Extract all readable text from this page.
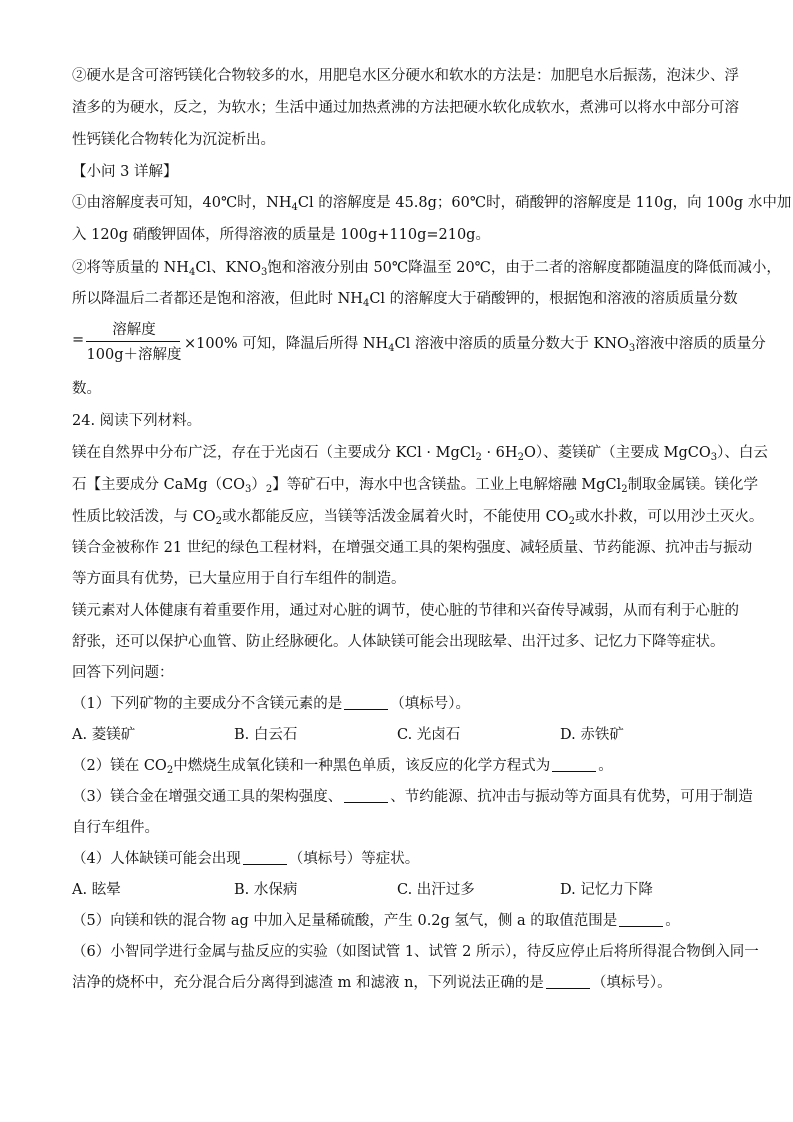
②硬水是含可溶钙镁化合物较多的水，用肥皂水区分硬水和软水的方法是：加肥皂水后振荡，泡沫少、浮
渣多的为硬水，反之，为软水；生活中通过加热煮沸的方法把硬水软化成软水，煮沸可以将水中部分可溶
性钙镁化合物转化为沉淀析出。
【小问 3 详解】
①由溶解度表可知，40℃时，$NH_4Cl$ 的溶解度是 45.8g；60℃时，硝酸钾的溶解度是 110g，向 100g 水中加
入 120g 硝酸钾固体，所得溶液的质量是 100g+110g=210g。
②将等质量的 $NH_4Cl$、$KNO_3$饱和溶液分别由 50℃降温至 20℃，由于二者的溶解度都随温度的降低而减小，
所以降温后二者都还是饱和溶液，但此时 $NH_4Cl$ 的溶解度大于硝酸钾的，根据饱和溶液的溶质质量分数
=
溶解度
100g＋溶解度
×100% 可知，降温后所得 $NH_4Cl$ 溶液中溶质的质量分数大于 $KNO_3$溶液中溶质的质量分
数。
24. 阅读下列材料。
镁在自然界中分布广泛，存在于光卤石（主要成分 KCl · MgCl$_2$ · $6H_2O$）、菱镁矿（主要成 MgCO$_3$）、白云
石【主要成分 $CaMg(CO_3)_2$】等矿石中，海水中也含镁盐。工业上电解熔融 MgCl$_2$制取金属镁。镁化学
性质比较活泼，与 $CO_2$或水都能反应，当镁等活泼金属着火时，不能使用 $CO_2$或水扑救，可以用沙土灭火。
镁合金被称作 21 世纪的绿色工程材料，在增强交通工具的架构强度、减轻质量、节药能源、抗冲击与振动
等方面具有优势，已大量应用于自行车组件的制造。
镁元素对人体健康有着重要作用，通过对心脏的调节，使心脏的节律和兴奋传导减弱，从而有利于心脏的
舒张，还可以保护心血管、防止经脉硬化。人体缺镁可能会出现眩晕、出汗过多、记忆力下降等症状。
回答下列问题：
（1）下列矿物的主要成分不含镁元素的是	（填标号）。
A. 菱镁矿	B. 白云石	C. 光卤石	D. 赤铁矿
（2）镁在 $CO_2$中燃烧生成氧化镁和一种黑色单质，该反应的化学方程式为	。
（3）镁合金在增强交通工具的架构强度、	、节约能源、抗冲击与振动等方面具有优势，可用于制造
自行车组件。
（4）人体缺镁可能会出现	（填标号）等症状。
A. 眩晕	B. 水保病	C. 出汗过多	D. 记忆力下降
（5）向镁和铁的混合物 ag 中加入足量稀硫酸，产生 0.2g 氢气，侧 a 的取值范围是	。
（6）小智同学进行金属与盐反应的实验（如图试管 1、试管 2 所示），待反应停止后将所得混合物倒入同一
洁净的烧杯中，充分混合后分离得到滤渣 m 和滤液 n，下列说法正确的是	（填标号）。
